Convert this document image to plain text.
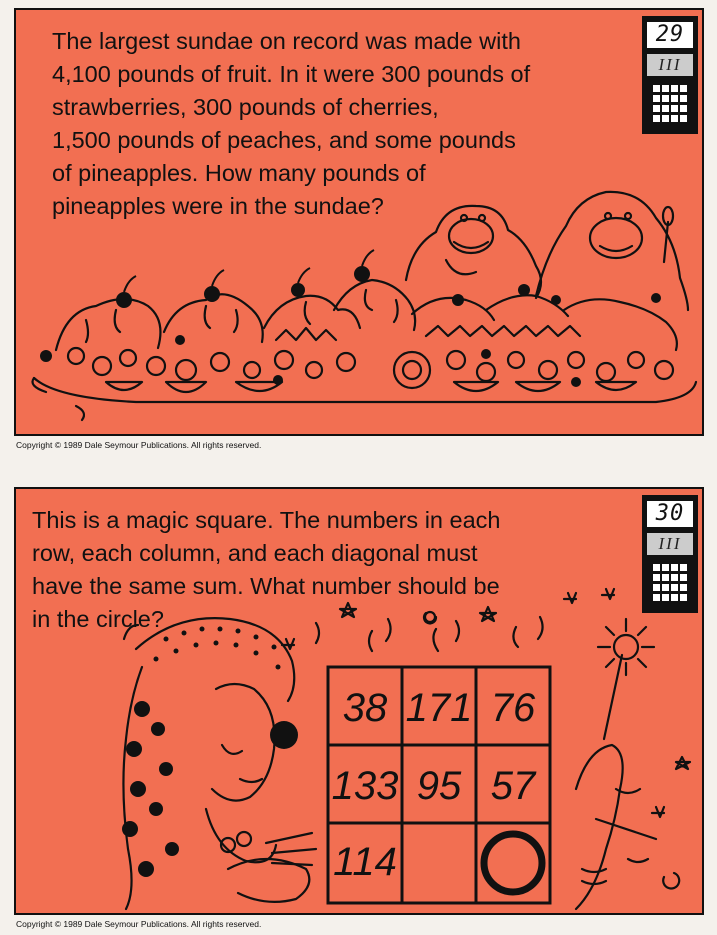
The largest sundae on record was made with
4,100 pounds of fruit. In it were 300 pounds of
strawberries, 300 pounds of cherries,
1,500 pounds of peaches, and some pounds
of pineapples. How many pounds of
pineapples were in the sundae?
29
III
Copyright © 1989 Dale Seymour Publications. All rights reserved.
This is a magic square. The numbers in each
row, each column, and each diagonal must
have the same sum. What number should be
in the circle?
30
III
38 171 76
133 95 57
114
Copyright © 1989 Dale Seymour Publications. All rights reserved.
